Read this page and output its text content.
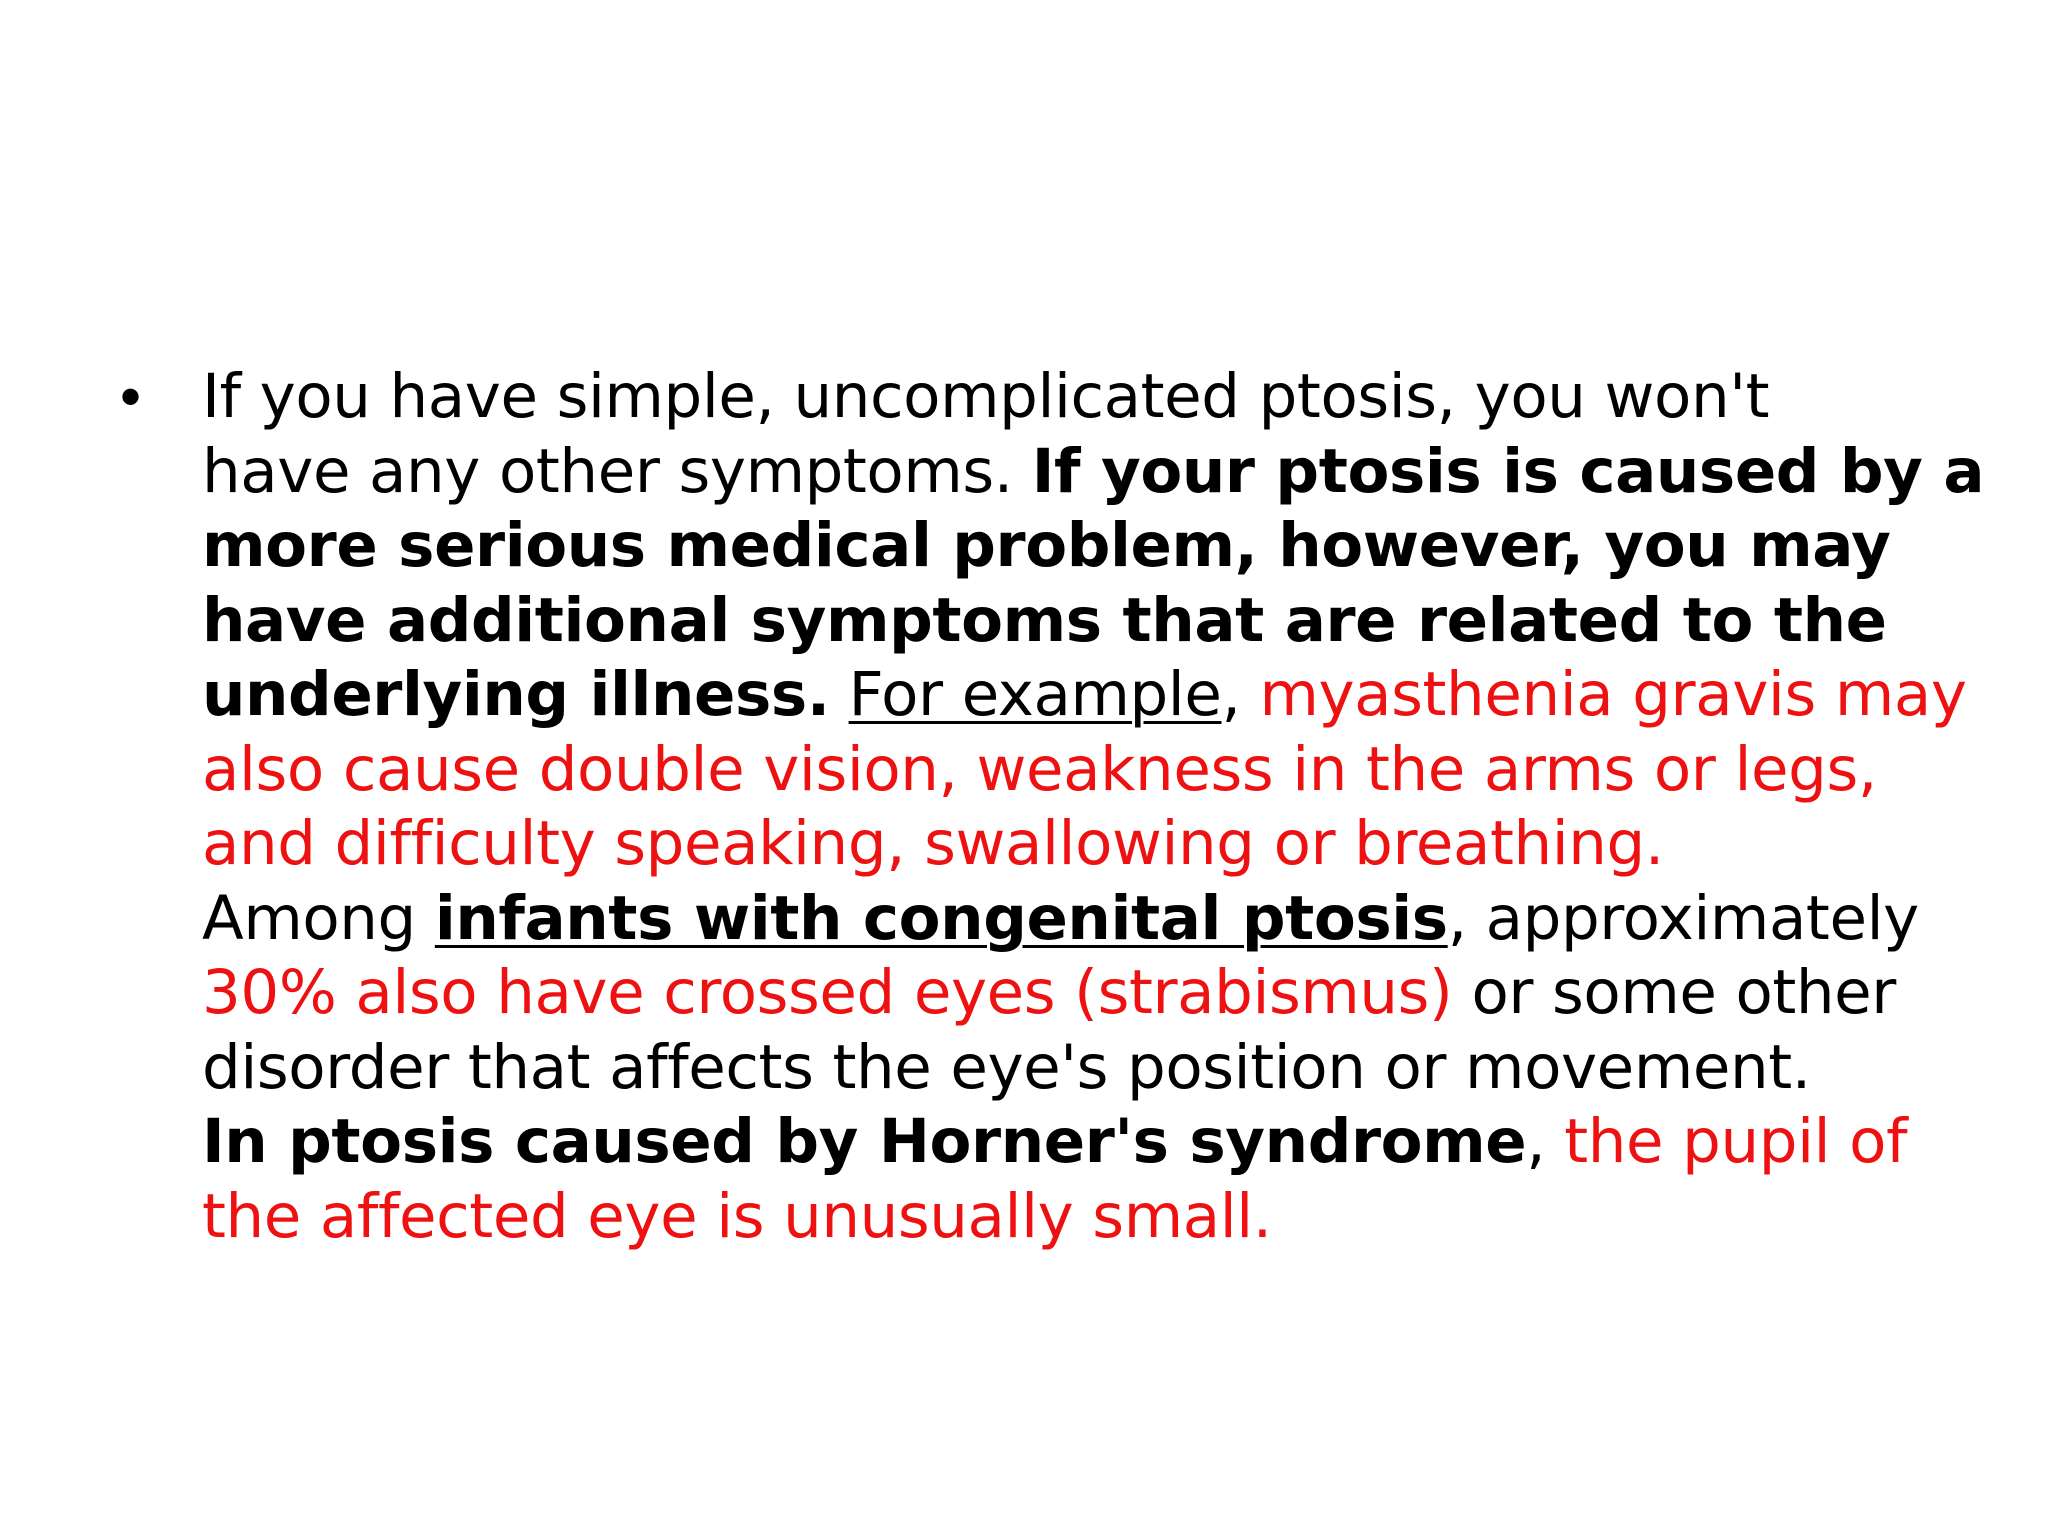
• If you have simple, uncomplicated ptosis, you won't
have any other symptoms. If your ptosis is caused by a
more serious medical problem, however, you may
have additional symptoms that are related to the
underlying illness. For example, myasthenia gravis may
also cause double vision, weakness in the arms or legs,
and difficulty speaking, swallowing or breathing.
Among infants with congenital ptosis, approximately
30% also have crossed eyes (strabismus) or some other
disorder that affects the eye's position or movement.
In ptosis caused by Horner's syndrome, the pupil of
the affected eye is unusually small.
